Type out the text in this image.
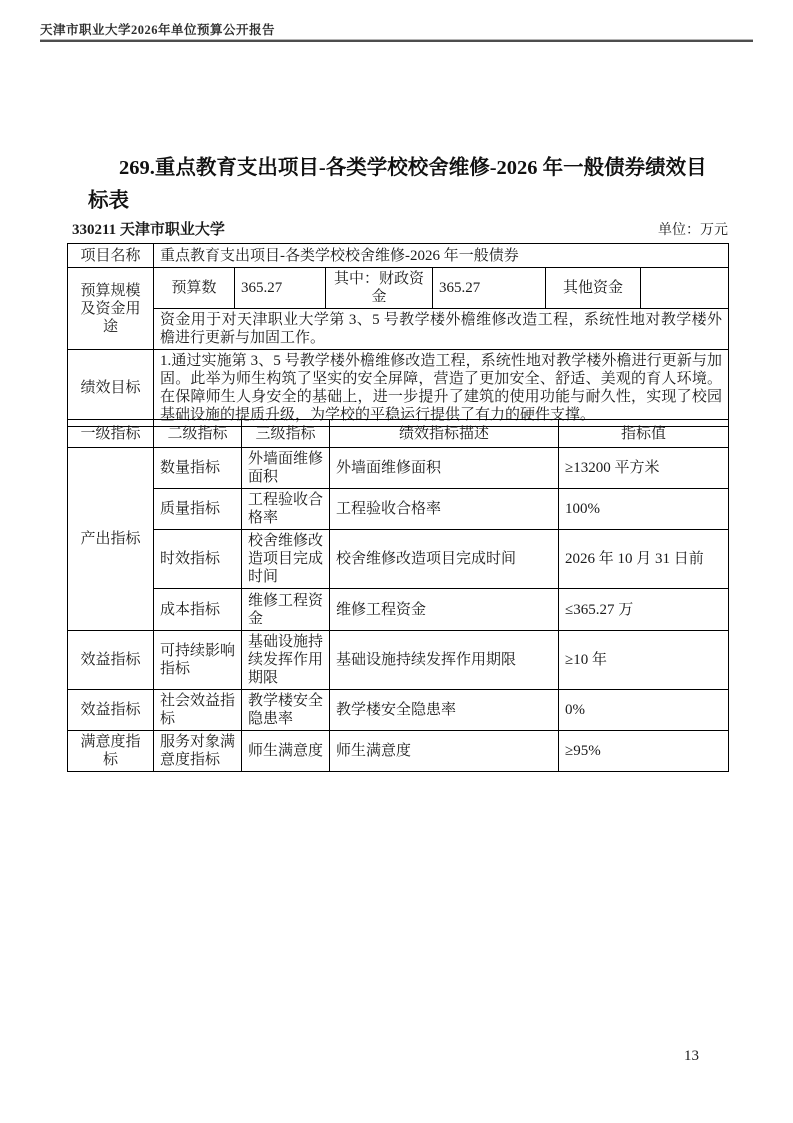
天津市职业大学2026年单位预算公开报告
269.重点教育支出项目-各类学校校舍维修-2026 年一般债券绩效目
标表
330211 天津市职业大学	单位：万元
项目名称	重点教育支出项目-各类学校校舍维修-2026 年一般债券					
预算规模及资金用途	预算数	365.27	其中：财政资金	365.27	其他资金	
	资金用于对天津职业大学第 3、5 号教学楼外檐维修改造工程，系统性地对教学楼外檐进行更新与加固工作。					
绩效目标	1.通过实施第 3、5 号教学楼外檐维修改造工程，系统性地对教学楼外檐进行更新与加固。此举为师生构筑了坚实的安全屏障，营造了更加安全、舒适、美观的育人环境。在保障师生人身安全的基础上，进一步提升了建筑的使用功能与耐久性，实现了校园基础设施的提质升级，为学校的平稳运行提供了有力的硬件支撑。					
一级指标	二级指标	三级指标	绩效指标描述	指标值
产出指标	数量指标	外墙面维修面积	外墙面维修面积	≥13200 平方米
	质量指标	工程验收合格率	工程验收合格率	100%
	时效指标	校舍维修改造项目完成时间	校舍维修改造项目完成时间	2026 年 10 月 31 日前
	成本指标	维修工程资金	维修工程资金	≤365.27 万
效益指标	可持续影响指标	基础设施持续发挥作用期限	基础设施持续发挥作用期限	≥10 年
效益指标	社会效益指标	教学楼安全隐患率	教学楼安全隐患率	0%
满意度指标	服务对象满意度指标	师生满意度	师生满意度	≥95%
13
